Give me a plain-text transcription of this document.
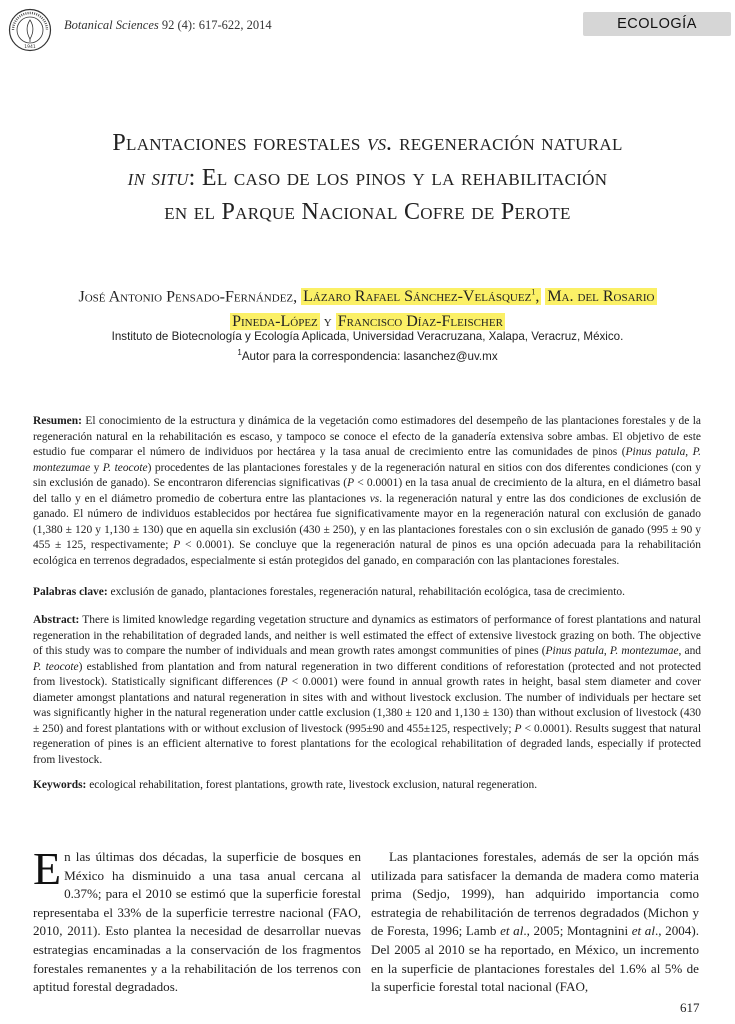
1941
Botanical Sciences 92 (4): 617-622, 2014	ECOLOGÍA
Plantaciones forestales vs. regeneración natural
in situ: El caso de los pinos y la rehabilitación
en el Parque Nacional Cofre de Perote
José Antonio Pensado-Fernández, Lázaro Rafael Sánchez-Velásquez$^1$, Ma. del Rosario
Pineda-López y Francisco Díaz-Fleischer
Instituto de Biotecnología y Ecología Aplicada, Universidad Veracruzana, Xalapa, Veracruz, México.
$^1$Autor para la correspondencia: lasanchez@uv.mx
Resumen: El conocimiento de la estructura y dinámica de la vegetación como estimadores del desempeño de las plantaciones forestales y de la regeneración natural en la rehabilitación es escaso, y tampoco se conoce el efecto de la ganadería extensiva sobre ambas. El objetivo de este estudio fue comparar el número de individuos por hectárea y la tasa anual de crecimiento entre las comunidades de pinos (Pinus patula, P. montezumae y P. teocote) procedentes de las plantaciones forestales y de la regeneración natural en sitios con dos diferentes condiciones (con y sin exclusión de ganado). Se encontraron diferencias significativas (P < 0.0001) en la tasa anual de crecimiento de la altura, en el diámetro basal del tallo y en el diámetro promedio de cobertura entre las plantaciones vs. la regeneración natural y entre las dos condiciones de exclusión de ganado. El número de individuos establecidos por hectárea fue significativamente mayor en la regeneración natural con exclusión de ganado (1,380 ± 120 y 1,130 ± 130) que en aquella sin exclusión (430 ± 250), y en las plantaciones forestales con o sin exclusión de ganado (995 ± 90 y 455 ± 125, respectivamente; P < 0.0001). Se concluye que la regeneración natural de pinos es una opción adecuada para la rehabilitación ecológica en terrenos degradados, especialmente si están protegidos del ganado, en comparación con las plantaciones forestales.
Palabras clave: exclusión de ganado, plantaciones forestales, regeneración natural, rehabilitación ecológica, tasa de crecimiento.
Abstract: There is limited knowledge regarding vegetation structure and dynamics as estimators of performance of forest plantations and natural regeneration in the rehabilitation of degraded lands, and neither is well estimated the effect of extensive livestock grazing on both. The objective of this study was to compare the number of individuals and mean growth rates amongst communities of pines (Pinus patula, P. montezumae, and P. teocote) established from plantation and from natural regeneration in two different conditions of reforestation (protected and not protected from livestock). Statistically significant differences (P < 0.0001) were found in annual growth rates in height, basal stem diameter and cover diameter amongst plantations and natural regeneration in sites with and without livestock exclusion. The number of individuals per hectare set was significantly higher in the natural regeneration under cattle exclusion (1,380 ± 120 and 1,130 ± 130) than without exclusion of livestock (430 ± 250) and forest plantations with or without exclusion of livestock (995±90 and 455±125, respectively; P < 0.0001). Results suggest that natural regeneration of pines is an efficient alternative to forest plantations for the ecological rehabilitation of degraded lands, especially if protected from livestock.
Keywords: ecological rehabilitation, forest plantations, growth rate, livestock exclusion, natural regeneration.
En las últimas dos décadas, la superficie de bosques en México ha disminuido a una tasa anual cercana al 0.37%; para el 2010 se estimó que la superficie forestal representaba el 33% de la superficie terrestre nacional (FAO, 2010, 2011). Esto plantea la necesidad de desarrollar nuevas estrategias encaminadas a la conservación de los fragmentos forestales remanentes y a la rehabilitación de los terrenos con aptitud forestal degradados.
Las plantaciones forestales, además de ser la opción más utilizada para satisfacer la demanda de madera como materia prima (Sedjo, 1999), han adquirido importancia como estrategia de rehabilitación de terrenos degradados (Michon y de Foresta, 1996; Lamb et al., 2005; Montagnini et al., 2004). Del 2005 al 2010 se ha reportado, en México, un incremento en la superficie de plantaciones forestales del 1.6% al 5% de la superficie forestal total nacional (FAO,
617
